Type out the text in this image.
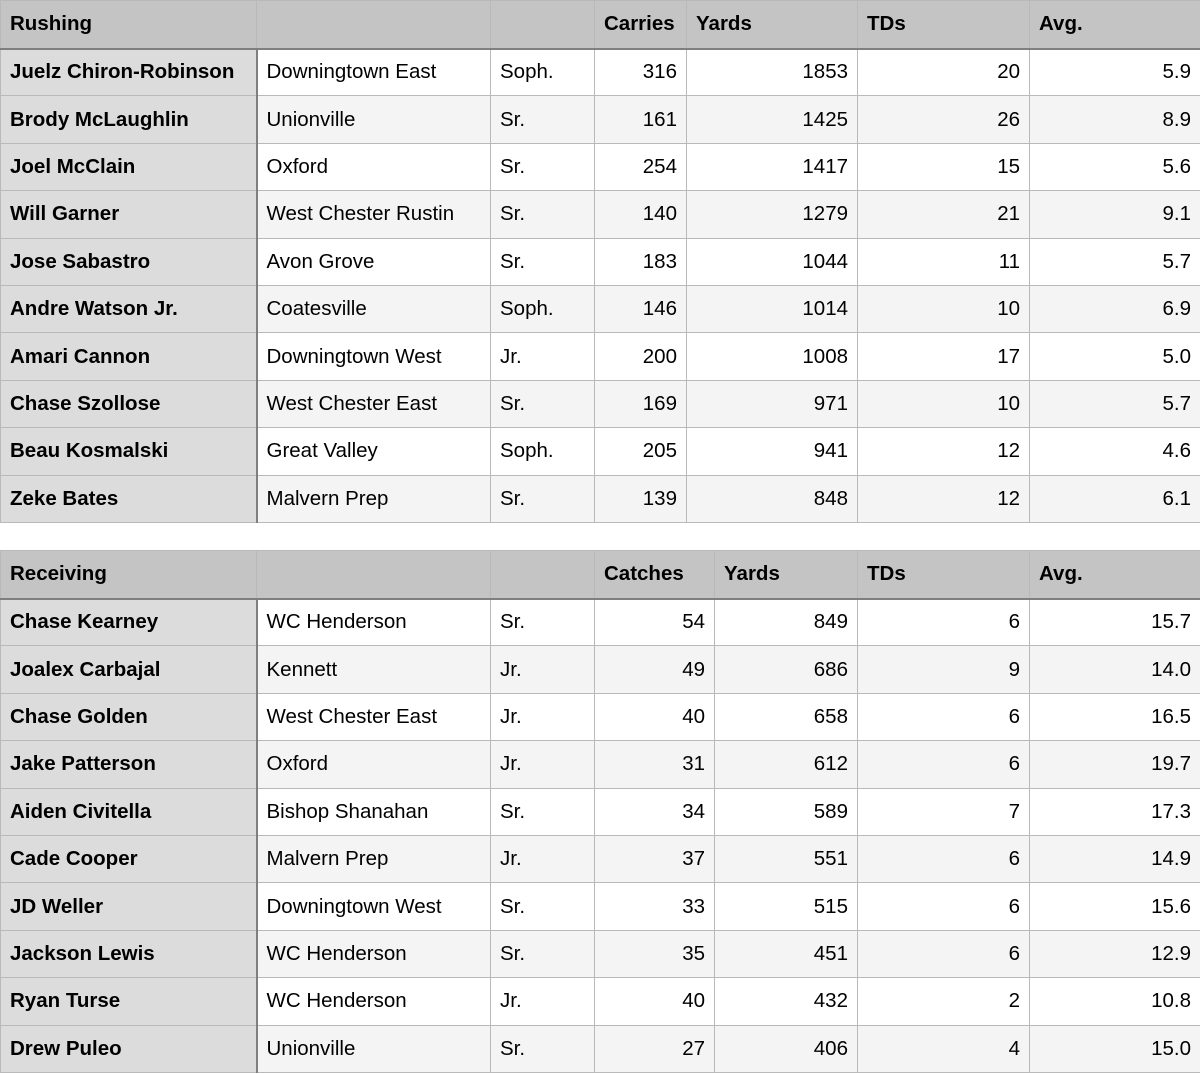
Rushing			Carries	Yards	TDs	Avg.
Juelz Chiron-Robinson	Downingtown East	Soph.	316	1853	20	5.9
Brody McLaughlin	Unionville	Sr.	161	1425	26	8.9
Joel McClain	Oxford	Sr.	254	1417	15	5.6
Will Garner	West Chester Rustin	Sr.	140	1279	21	9.1
Jose Sabastro	Avon Grove	Sr.	183	1044	11	5.7
Andre Watson Jr.	Coatesville	Soph.	146	1014	10	6.9
Amari Cannon	Downingtown West	Jr.	200	1008	17	5.0
Chase Szollose	West Chester East	Sr.	169	971	10	5.7
Beau Kosmalski	Great Valley	Soph.	205	941	12	4.6
Zeke Bates	Malvern Prep	Sr.	139	848	12	6.1
Receiving			Catches	Yards	TDs	Avg.
Chase Kearney	WC Henderson	Sr.	54	849	6	15.7
Joalex Carbajal	Kennett	Jr.	49	686	9	14.0
Chase Golden	West Chester East	Jr.	40	658	6	16.5
Jake Patterson	Oxford	Jr.	31	612	6	19.7
Aiden Civitella	Bishop Shanahan	Sr.	34	589	7	17.3
Cade Cooper	Malvern Prep	Jr.	37	551	6	14.9
JD Weller	Downingtown West	Sr.	33	515	6	15.6
Jackson Lewis	WC Henderson	Sr.	35	451	6	12.9
Ryan Turse	WC Henderson	Jr.	40	432	2	10.8
Drew Puleo	Unionville	Sr.	27	406	4	15.0
